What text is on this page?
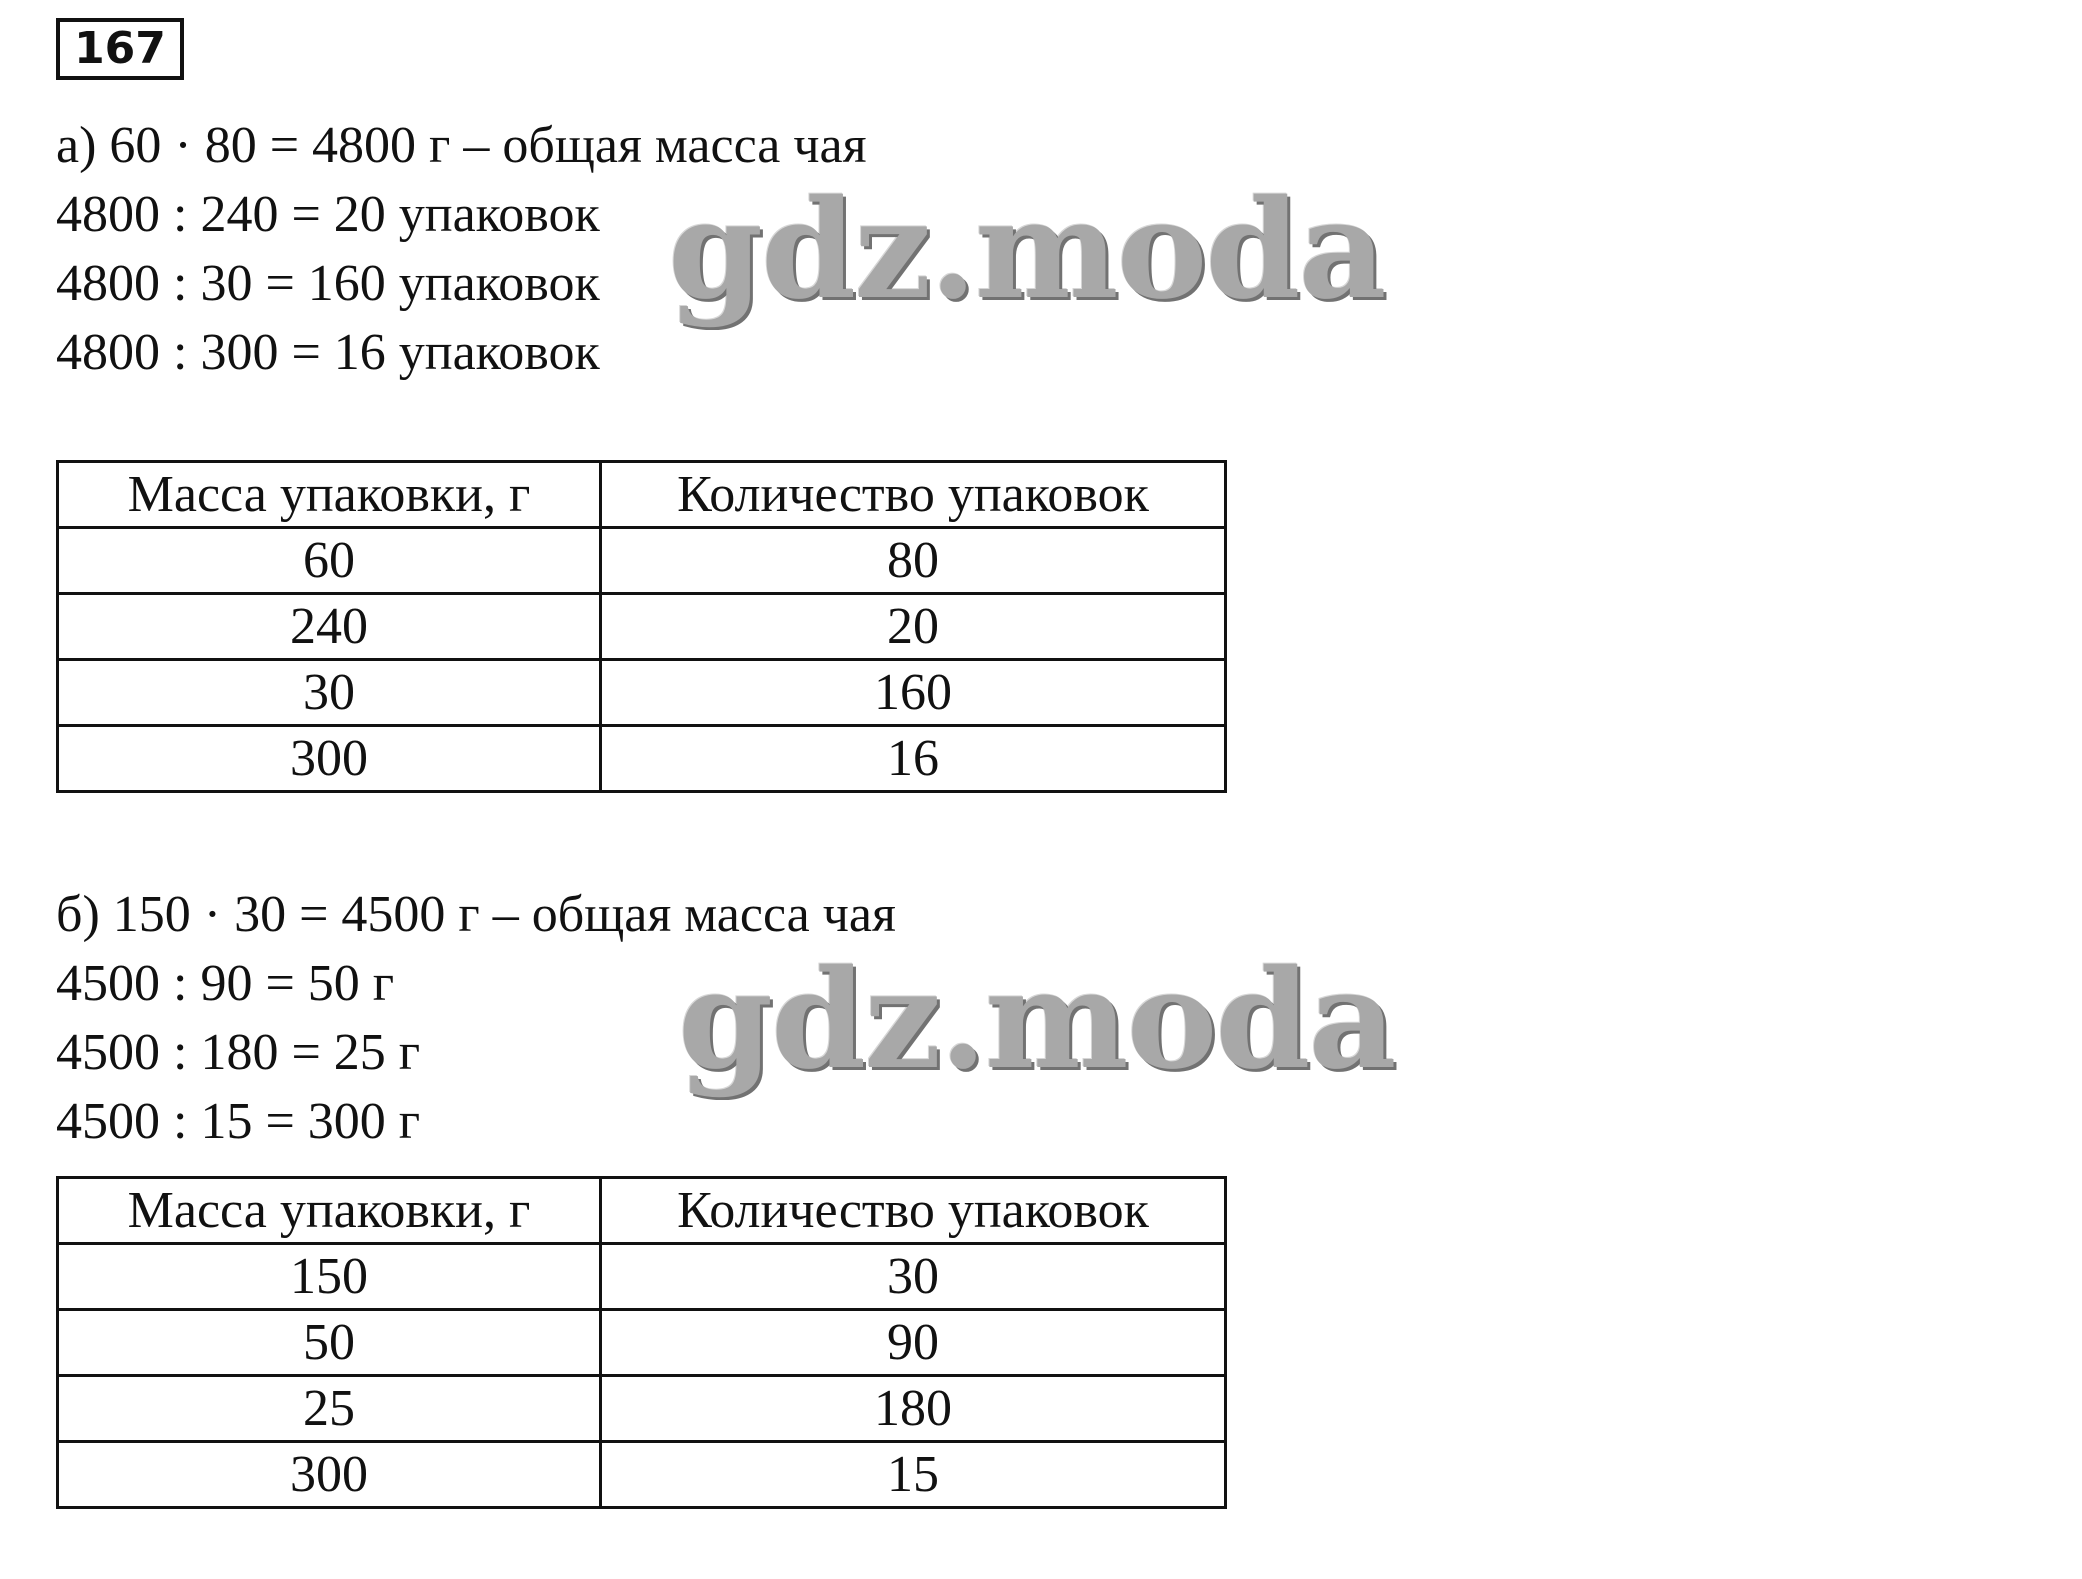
167
а) 60 · 80 = 4800 г – общая масса чая
4800 : 240 = 20 упаковок
4800 : 30 = 160 упаковок
4800 : 300 = 16 упаковок
Масса упаковки, г	Количество упаковок
60	80
240	20
30	160
300	16
б) 150 · 30 = 4500 г – общая масса чая
4500 : 90 = 50 г
4500 : 180 = 25 г
4500 : 15 = 300 г
Масса упаковки, г	Количество упаковок
150	30
50	90
25	180
300	15
gdz.moda
gdz.moda
